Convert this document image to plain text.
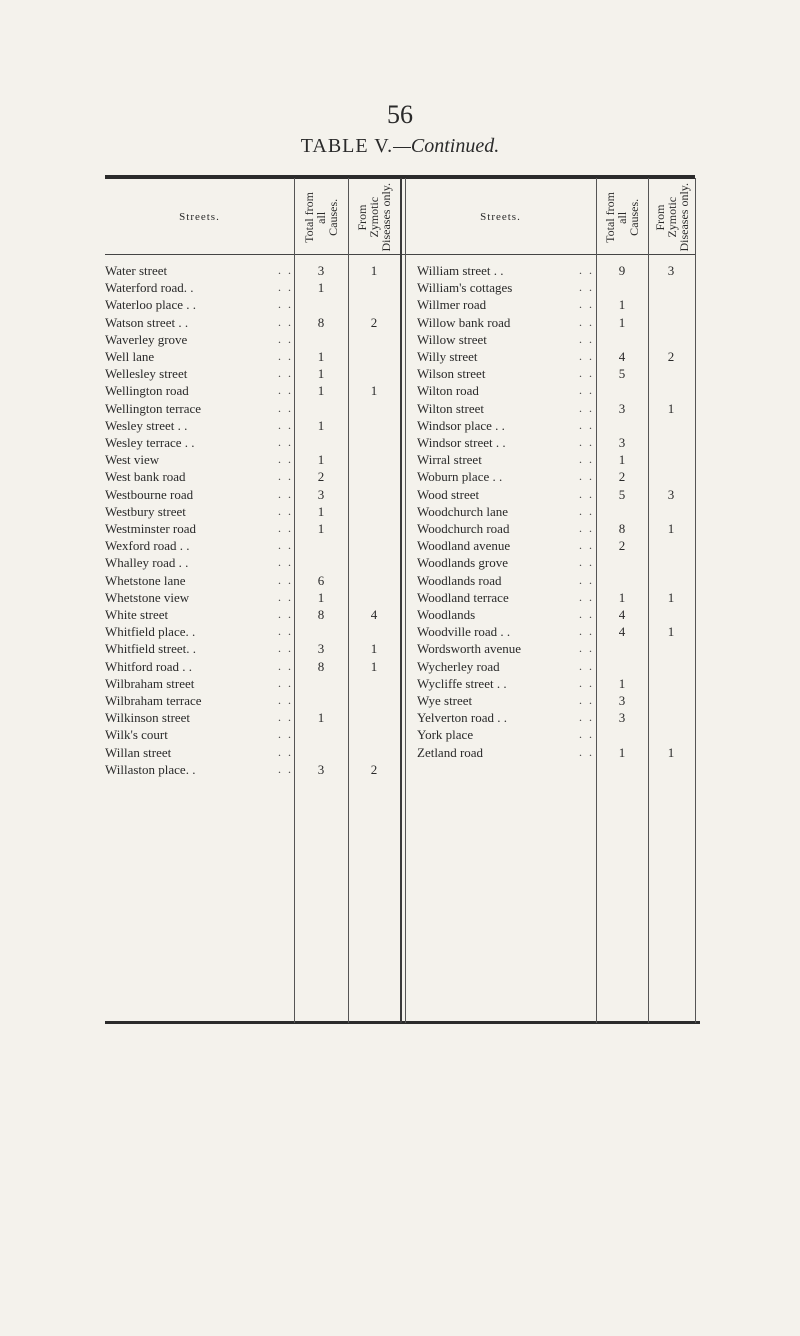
56
TABLE V.—Continued.
Streets.
Total from
all
Causes. From
Zymotic
Diseases only.
Streets.
Total from
all
Causes. From
Zymotic
Diseases only.
Water street	. .	3	1
Waterford road. .	. .	1
Waterloo place . .	. .
Watson street . .	. .	8	2
Waverley grove	. .
Well lane	. .	1
Wellesley street	. .	1
Wellington road	. .	1	1
Wellington terrace	. .
Wesley street . .	. .	1
Wesley terrace . .	. .
West view	. .	1
West bank road	. .	2
Westbourne road	. .	3
Westbury street	. .	1
Westminster road	. .	1
Wexford road . .	. .
Whalley road . .	. .
Whetstone lane	. .	6
Whetstone view	. .	1
White street	. .	8	4
Whitfield place. .	. .
Whitfield street. .	. .	3	1
Whitford road . .	. .	8	1
Wilbraham street	. .
Wilbraham terrace	. .
Wilkinson street	. .	1
Wilk's court	. .
Willan street	. .
Willaston place. .	. .	3	2
William street . .	. .	9	3
William's cottages	. .
Willmer road	. .	1
Willow bank road	. .	1
Willow street	. .
Willy street	. .	4	2
Wilson street	. .	5
Wilton road	. .
Wilton street	. .	3	1
Windsor place . .	. .
Windsor street . .	. .	3
Wirral street	. .	1
Woburn place . .	. .	2
Wood street	. .	5	3
Woodchurch lane	. .
Woodchurch road	. .	8	1
Woodland avenue	. .	2
Woodlands grove	. .
Woodlands road	. .
Woodland terrace	. .	1	1
Woodlands	. .	4
Woodville road . .	. .	4	1
Wordsworth avenue	. .
Wycherley road	. .
Wycliffe street . .	. .	1
Wye street	. .	3
Yelverton road . .	. .	3
York place	. .
Zetland road	. .	1	1
